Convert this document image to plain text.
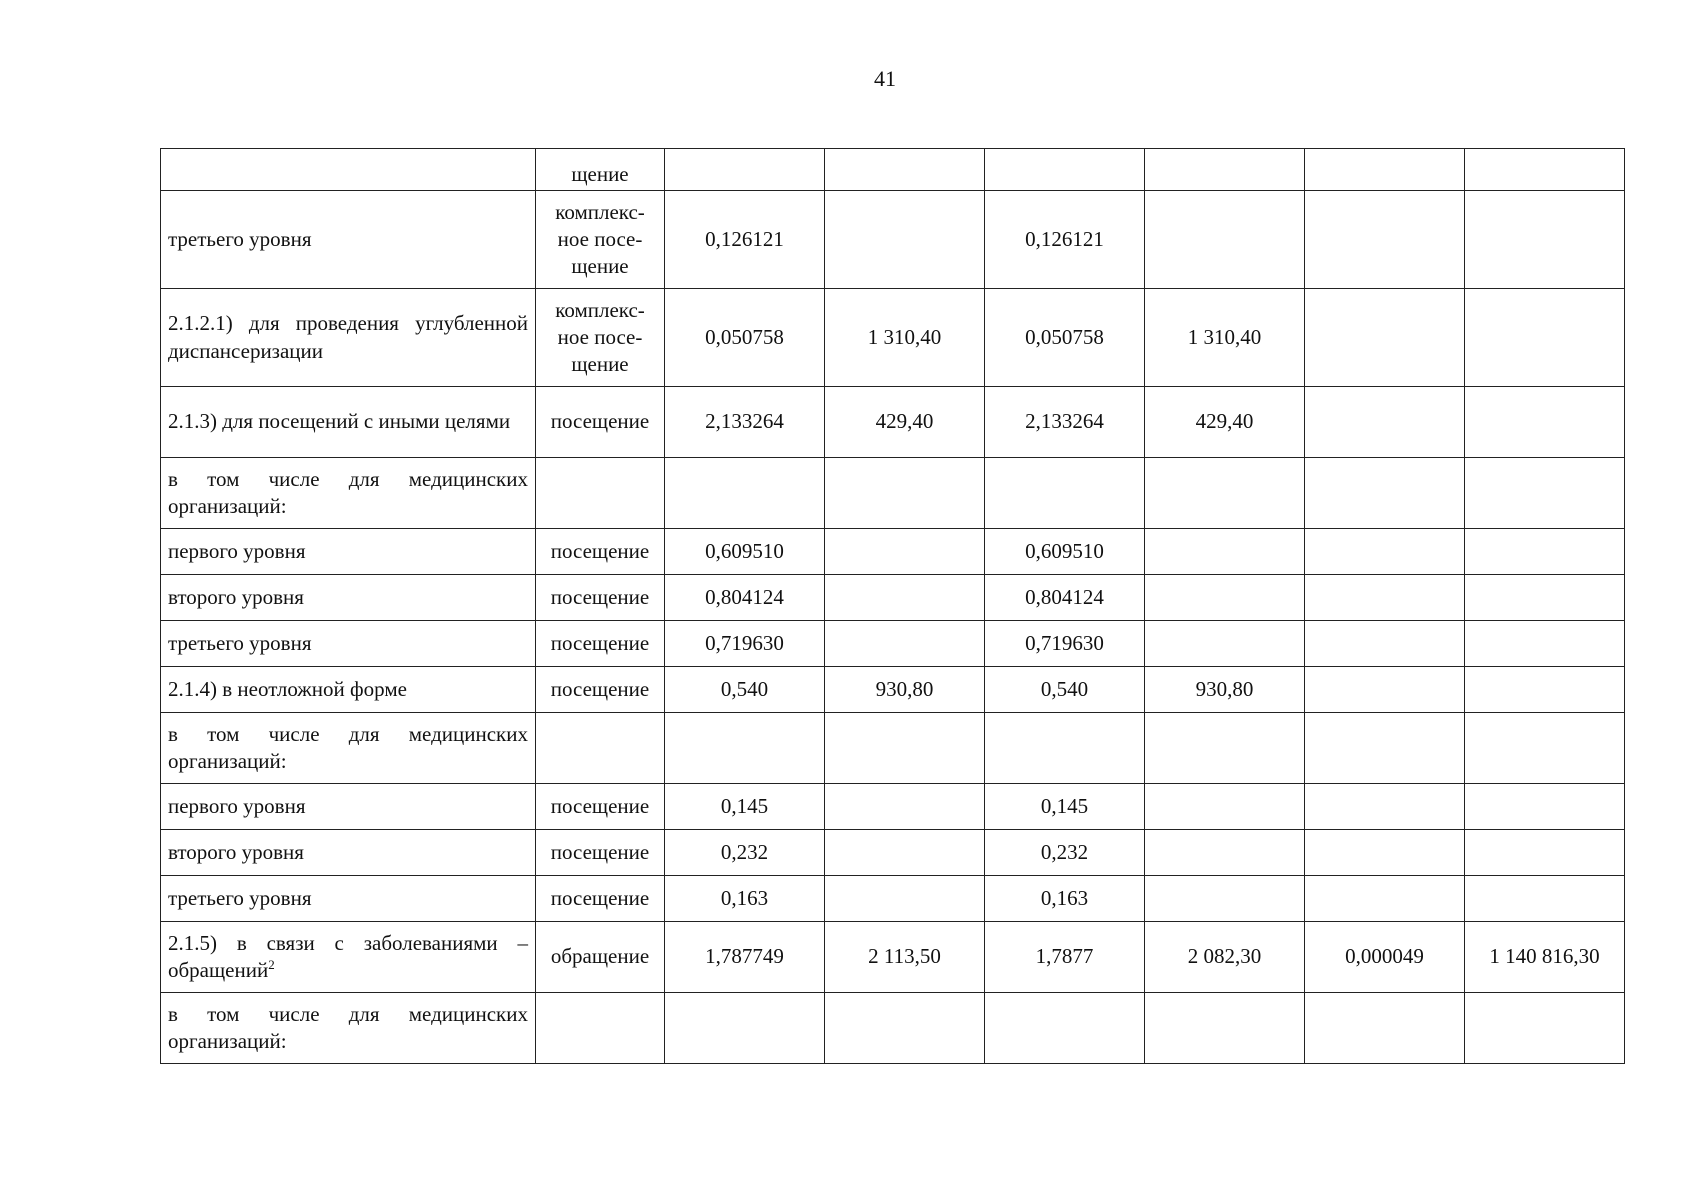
41
	щение						
третьего уровня	комплекс-ное посе-щение	0,126121		0,126121			
2.1.2.1) для проведения углубленной диспансеризации	комплекс-ное посе-щение	0,050758	1 310,40	0,050758	1 310,40		
2.1.3) для посещений с иными целями	посещение	2,133264	429,40	2,133264	429,40		
в том числе для медицинских организаций:							
первого уровня	посещение	0,609510		0,609510			
второго уровня	посещение	0,804124		0,804124			
третьего уровня	посещение	0,719630		0,719630			
2.1.4) в неотложной форме	посещение	0,540	930,80	0,540	930,80		
в том числе для медицинских организаций:							
первого уровня	посещение	0,145		0,145			
второго уровня	посещение	0,232		0,232			
третьего уровня	посещение	0,163		0,163			
2.1.5) в связи с заболеваниями – обращений$^2$	обращение	1,787749	2 113,50	1,7877	2 082,30	0,000049	1 140 816,30
в том числе для медицинских организаций:							
